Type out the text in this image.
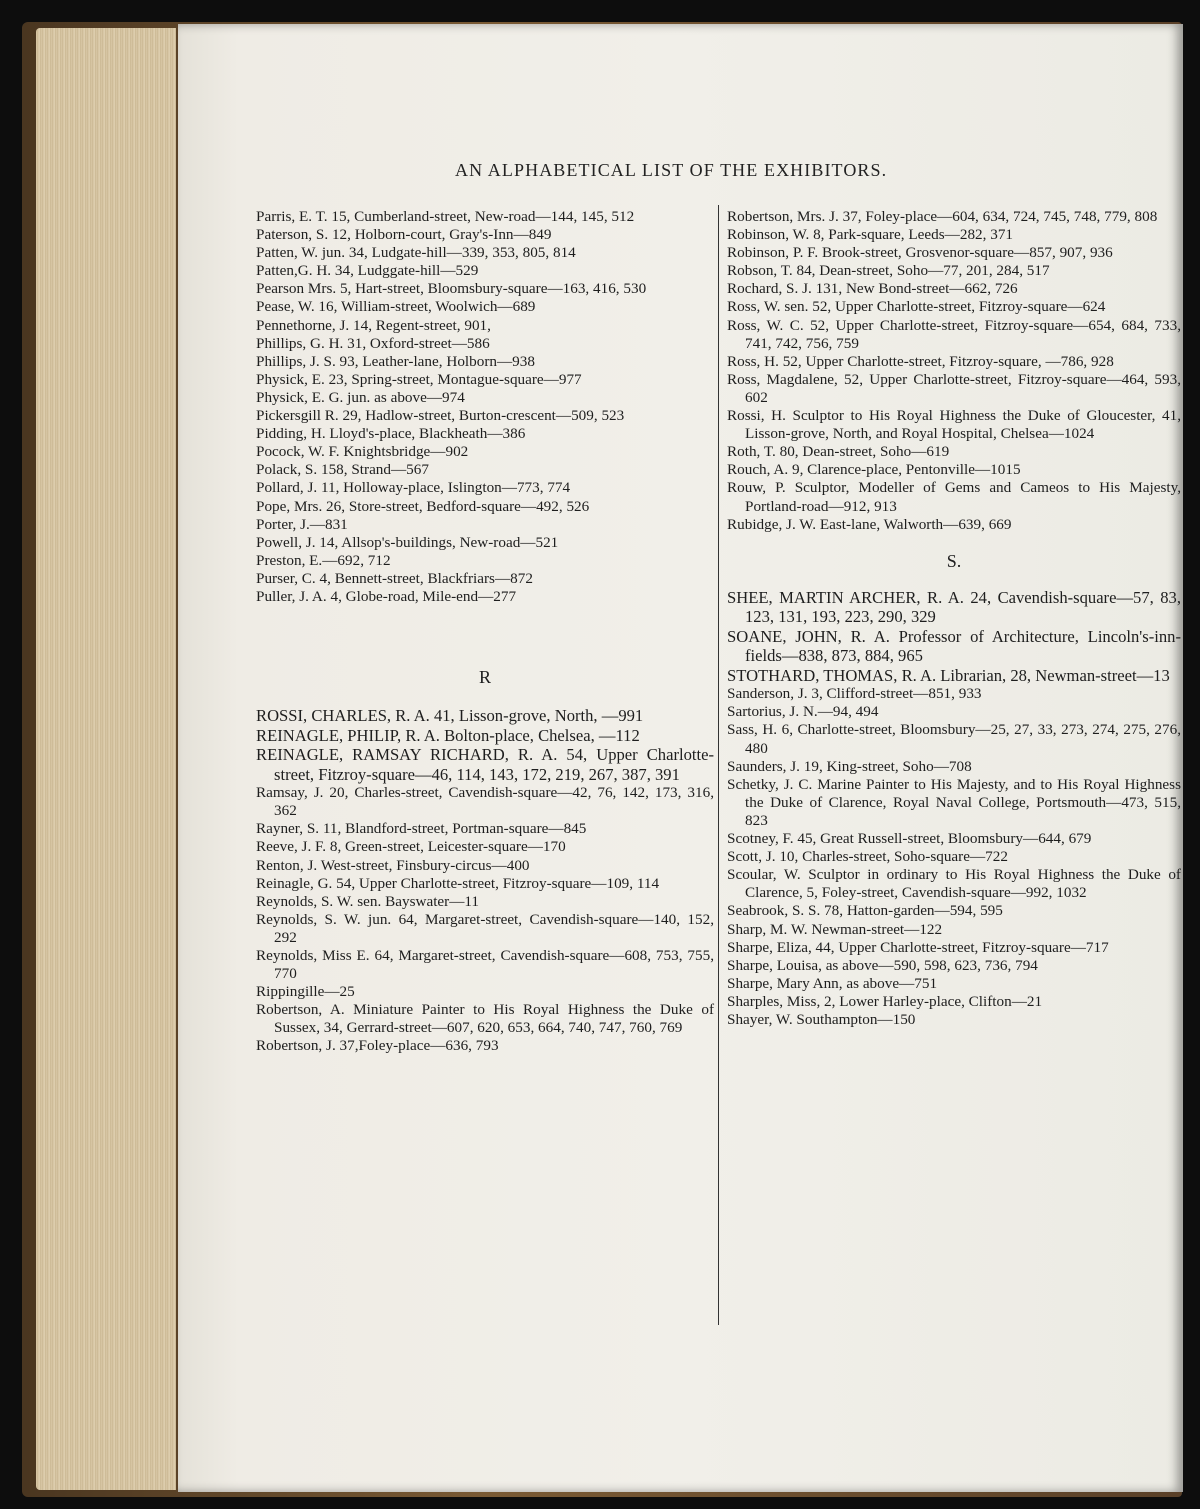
AN ALPHABETICAL LIST OF THE EXHIBITORS.

Parris, E. T. 15, Cumberland-street, New-road—144, 145, 512

Paterson, S. 12, Holborn-court, Gray's-Inn—849

Patten, W. jun. 34, Ludgate-hill—339, 353, 805, 814

Patten,G. H. 34, Ludggate-hill—529

Pearson Mrs. 5, Hart-street, Bloomsbury-square—163, 416, 530

Pease, W. 16, William-street, Woolwich—689

Pennethorne, J. 14, Regent-street, 901,

Phillips, G. H. 31, Oxford-street—586

Phillips, J. S. 93, Leather-lane, Holborn—938

Physick, E. 23, Spring-street, Montague-square—977

Physick, E. G. jun. as above—974

Pickersgill R. 29, Hadlow-street, Burton-crescent—509, 523

Pidding, H. Lloyd's-place, Blackheath—386

Pocock, W. F. Knightsbridge—902

Polack, S. 158, Strand—567

Pollard, J. 11, Holloway-place, Islington—773, 774

Pope, Mrs. 26, Store-street, Bedford-square—492, 526

Porter, J.—831

Powell, J. 14, Allsop's-buildings, New-road—521

Preston, E.—692, 712

Purser, C. 4, Bennett-street, Blackfriars—872

Puller, J. A. 4, Globe-road, Mile-end—277

R

ROSSI, CHARLES, R. A. 41, Lisson-grove, North, —991

REINAGLE, PHILIP, R. A. Bolton-place, Chelsea, —112

REINAGLE, RAMSAY RICHARD, R. A. 54, Upper Charlotte-street, Fitzroy-square—46, 114, 143, 172, 219, 267, 387, 391

Ramsay, J. 20, Charles-street, Cavendish-square—42, 76, 142, 173, 316, 362

Rayner, S. 11, Blandford-street, Portman-square—845

Reeve, J. F. 8, Green-street, Leicester-square—170

Renton, J. West-street, Finsbury-circus—400

Reinagle, G. 54, Upper Charlotte-street, Fitzroy-square—109, 114

Reynolds, S. W. sen. Bayswater—11

Reynolds, S. W. jun. 64, Margaret-street, Cavendish-square—140, 152, 292

Reynolds, Miss E. 64, Margaret-street, Cavendish-square—608, 753, 755, 770

Rippingille—25

Robertson, A. Miniature Painter to His Royal Highness the Duke of Sussex, 34, Gerrard-street—607, 620, 653, 664, 740, 747, 760, 769

Robertson, J. 37,Foley-place—636, 793

Robertson, Mrs. J. 37, Foley-place—604, 634, 724, 745, 748, 779, 808

Robinson, W. 8, Park-square, Leeds—282, 371

Robinson, P. F. Brook-street, Grosvenor-square—857, 907, 936

Robson, T. 84, Dean-street, Soho—77, 201, 284, 517

Rochard, S. J. 131, New Bond-street—662, 726

Ross, W. sen. 52, Upper Charlotte-street, Fitzroy-square—624

Ross, W. C. 52, Upper Charlotte-street, Fitzroy-square—654, 684, 733, 741, 742, 756, 759

Ross, H. 52, Upper Charlotte-street, Fitzroy-square, —786, 928

Ross, Magdalene, 52, Upper Charlotte-street, Fitzroy-square—464, 593, 602

Rossi, H. Sculptor to His Royal Highness the Duke of Gloucester, 41, Lisson-grove, North, and Royal Hospital, Chelsea—1024

Roth, T. 80, Dean-street, Soho—619

Rouch, A. 9, Clarence-place, Pentonville—1015

Rouw, P. Sculptor, Modeller of Gems and Cameos to His Majesty, Portland-road—912, 913

Rubidge, J. W. East-lane, Walworth—639, 669

S.

SHEE, MARTIN ARCHER, R. A. 24, Cavendish-square—57, 83, 123, 131, 193, 223, 290, 329

SOANE, JOHN, R. A. Professor of Architecture, Lincoln's-inn-fields—838, 873, 884, 965

STOTHARD, THOMAS, R. A. Librarian, 28, Newman-street—13

Sanderson, J. 3, Clifford-street—851, 933

Sartorius, J. N.—94, 494

Sass, H. 6, Charlotte-street, Bloomsbury—25, 27, 33, 273, 274, 275, 276, 480

Saunders, J. 19, King-street, Soho—708

Schetky, J. C. Marine Painter to His Majesty, and to His Royal Highness the Duke of Clarence, Royal Naval College, Portsmouth—473, 515, 823

Scotney, F. 45, Great Russell-street, Bloomsbury—644, 679

Scott, J. 10, Charles-street, Soho-square—722

Scoular, W. Sculptor in ordinary to His Royal Highness the Duke of Clarence, 5, Foley-street, Cavendish-square—992, 1032

Seabrook, S. S. 78, Hatton-garden—594, 595

Sharp, M. W. Newman-street—122

Sharpe, Eliza, 44, Upper Charlotte-street, Fitzroy-square—717

Sharpe, Louisa, as above—590, 598, 623, 736, 794

Sharpe, Mary Ann, as above—751

Sharples, Miss, 2, Lower Harley-place, Clifton—21

Shayer, W. Southampton—150
